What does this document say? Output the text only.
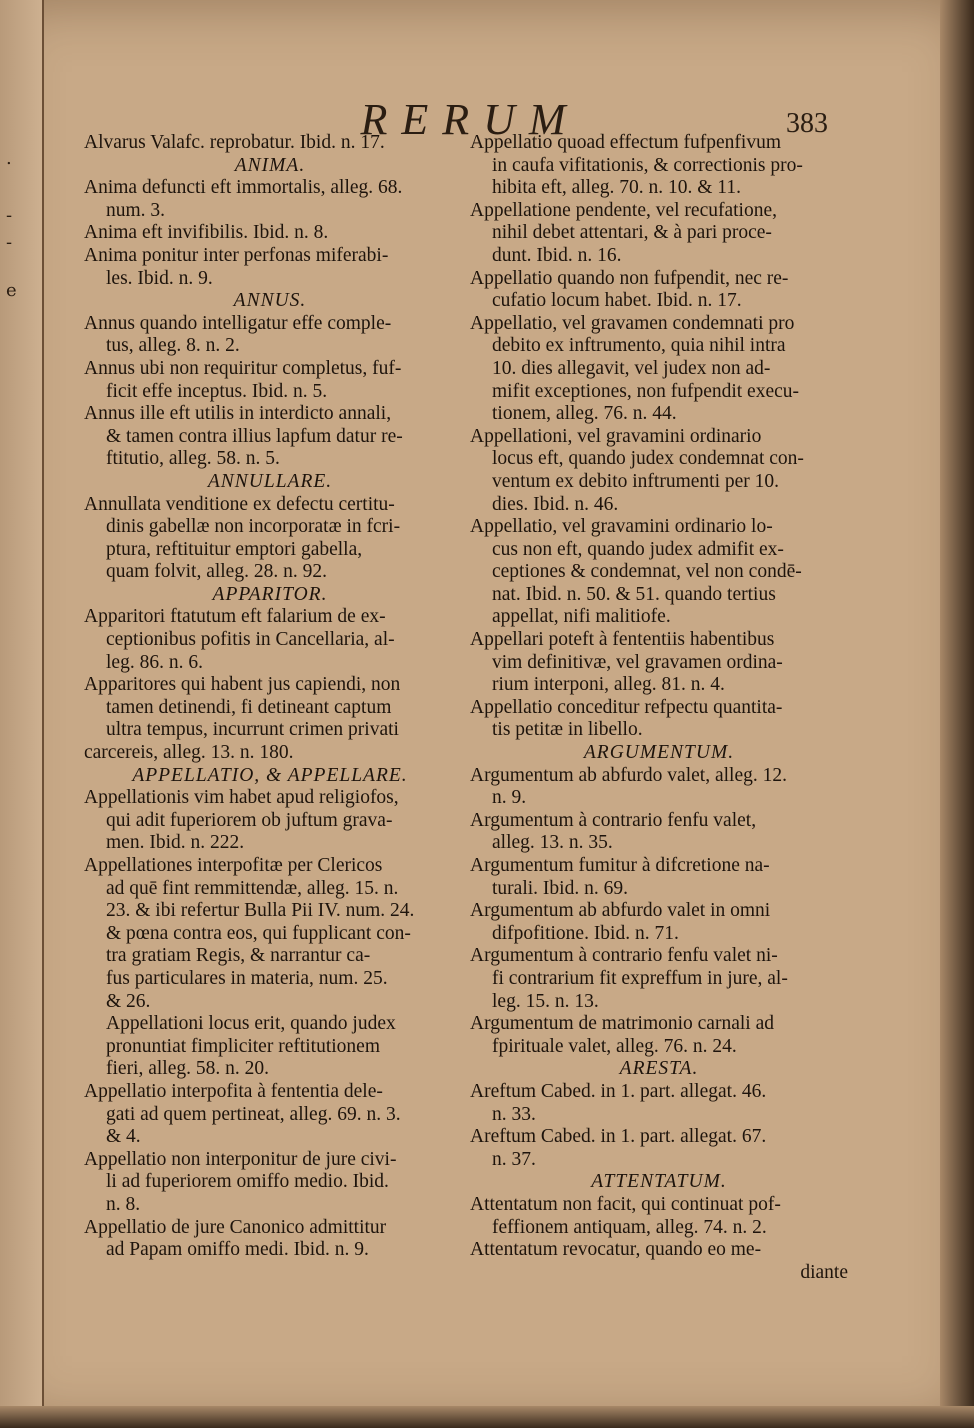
.
-
-
e
RERUM	383
Alvarus Valafc. reprobatur. Ibid. n. 17.
ANIMA.
Anima defuncti eft immortalis, alleg. 68.
num. 3.
Anima eft invifibilis. Ibid. n. 8.
Anima ponitur inter perfonas miferabi-
les. Ibid. n. 9.
ANNUS.
Annus quando intelligatur effe comple-
tus, alleg. 8. n. 2.
Annus ubi non requiritur completus, fuf-
ficit effe inceptus. Ibid. n. 5.
Annus ille eft utilis in interdicto annali,
& tamen contra illius lapfum datur re-
ftitutio, alleg. 58. n. 5.
ANNULLARE.
Annullata venditione ex defectu certitu-
dinis gabellæ non incorporatæ in fcri-
ptura, reftituitur emptori gabella,
quam folvit, alleg. 28. n. 92.
APPARITOR.
Apparitori ftatutum eft falarium de ex-
ceptionibus pofitis in Cancellaria, al-
leg. 86. n. 6.
Apparitores qui habent jus capiendi, non
tamen detinendi, fi detineant captum
ultra tempus, incurrunt crimen privati
carcereis, alleg. 13. n. 180.
APPELLATIO, & APPELLARE.
Appellationis vim habet apud religiofos,
qui adit fuperiorem ob juftum grava-
men. Ibid. n. 222.
Appellationes interpofitæ per Clericos
ad quē fint remmittendæ, alleg. 15. n.
23. & ibi refertur Bulla Pii IV. num. 24.
& pœna contra eos, qui fupplicant con-
tra gratiam Regis, & narrantur ca-
fus particulares in materia, num. 25.
& 26.
Appellationi locus erit, quando judex
pronuntiat fimpliciter reftitutionem
fieri, alleg. 58. n. 20.
Appellatio interpofita à fententia dele-
gati ad quem pertineat, alleg. 69. n. 3.
& 4.
Appellatio non interponitur de jure civi-
li ad fuperiorem omiffo medio. Ibid.
n. 8.
Appellatio de jure Canonico admittitur
ad Papam omiffo medi. Ibid. n. 9.
Appellatio quoad effectum fufpenfivum
in caufa vifitationis, & correctionis pro-
hibita eft, alleg. 70. n. 10. & 11.
Appellatione pendente, vel recufatione,
nihil debet attentari, & à pari proce-
dunt. Ibid. n. 16.
Appellatio quando non fufpendit, nec re-
cufatio locum habet. Ibid. n. 17.
Appellatio, vel gravamen condemnati pro
debito ex inftrumento, quia nihil intra
10. dies allegavit, vel judex non ad-
mifit exceptiones, non fufpendit execu-
tionem, alleg. 76. n. 44.
Appellationi, vel gravamini ordinario
locus eft, quando judex condemnat con-
ventum ex debito inftrumenti per 10.
dies. Ibid. n. 46.
Appellatio, vel gravamini ordinario lo-
cus non eft, quando judex admifit ex-
ceptiones & condemnat, vel non condē-
nat. Ibid. n. 50. & 51. quando tertius
appellat, nifi malitiofe.
Appellari poteft à fententiis habentibus
vim definitivæ, vel gravamen ordina-
rium interponi, alleg. 81. n. 4.
Appellatio conceditur refpectu quantita-
tis petitæ in libello.
ARGUMENTUM.
Argumentum ab abfurdo valet, alleg. 12.
n. 9.
Argumentum à contrario fenfu valet,
alleg. 13. n. 35.
Argumentum fumitur à difcretione na-
turali. Ibid. n. 69.
Argumentum ab abfurdo valet in omni
difpofitione. Ibid. n. 71.
Argumentum à contrario fenfu valet ni-
fi contrarium fit expreffum in jure, al-
leg. 15. n. 13.
Argumentum de matrimonio carnali ad
fpirituale valet, alleg. 76. n. 24.
ARESTA.
Areftum Cabed. in 1. part. allegat. 46.
n. 33.
Areftum Cabed. in 1. part. allegat. 67.
n. 37.
ATTENTATUM.
Attentatum non facit, qui continuat pof-
feffionem antiquam, alleg. 74. n. 2.
Attentatum revocatur, quando eo me-
diante
